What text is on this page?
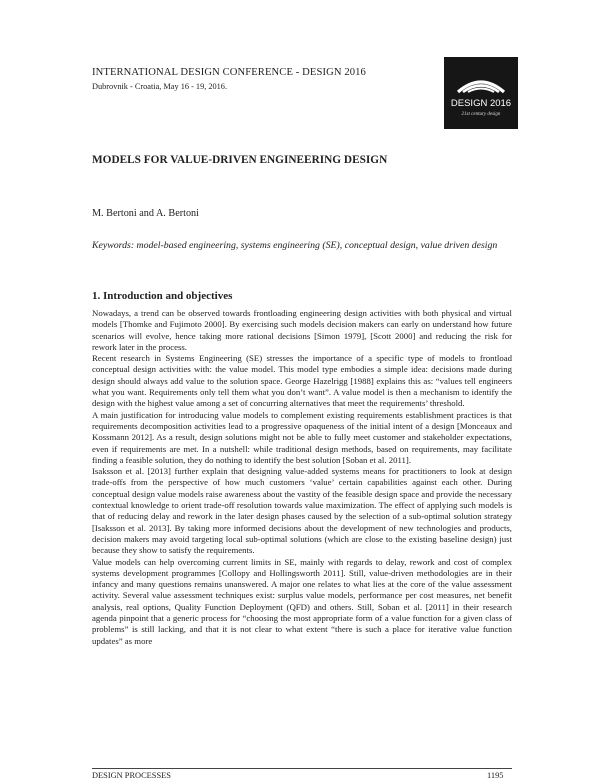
INTERNATIONAL DESIGN CONFERENCE - DESIGN 2016
Dubrovnik - Croatia, May 16 - 19, 2016.
DESIGN 2016
21st century design
MODELS FOR VALUE-DRIVEN ENGINEERING DESIGN
M. Bertoni and A. Bertoni
Keywords: model-based engineering, systems engineering (SE), conceptual design, value driven design
1. Introduction and objectives

Nowadays, a trend can be observed towards frontloading engineering design activities with both physical and virtual models [Thomke and Fujimoto 2000]. By exercising such models decision makers can early on understand how future scenarios will evolve, hence taking more rational decisions [Simon 1979], [Scott 2000] and reducing the risk for rework later in the process.

Recent research in Systems Engineering (SE) stresses the importance of a specific type of models to frontload conceptual design activities with: the value model. This model type embodies a simple idea: decisions made during design should always add value to the solution space. George Hazelrigg [1988] explains this as: “values tell engineers what you want. Requirements only tell them what you don’t want”. A value model is then a mechanism to identify the design with the highest value among a set of concurring alternatives that meet the requirements’ threshold.

A main justification for introducing value models to complement existing requirements establishment practices is that requirements decomposition activities lead to a progressive opaqueness of the initial intent of a design [Monceaux and Kossmann 2012]. As a result, design solutions might not be able to fully meet customer and stakeholder expectations, even if requirements are met. In a nutshell: while traditional design methods, based on requirements, may facilitate finding a feasible solution, they do nothing to identify the best solution [Soban et al. 2011].

Isaksson et al. [2013] further explain that designing value-added systems means for practitioners to look at design trade-offs from the perspective of how much customers ‘value’ certain capabilities against each other. During conceptual design value models raise awareness about the vastity of the feasible design space and provide the necessary contextual knowledge to orient trade-off resolution towards value maximization. The effect of applying such models is that of reducing delay and rework in the later design phases caused by the selection of a sub-optimal solution strategy [Isaksson et al. 2013]. By taking more informed decisions about the development of new technologies and products, decision makers may avoid targeting local sub-optimal solutions (which are close to the existing baseline design) just because they show to satisfy the requirements.

Value models can help overcoming current limits in SE, mainly with regards to delay, rework and cost of complex systems development programmes [Collopy and Hollingsworth 2011]. Still, value-driven methodologies are in their infancy and many questions remains unanswered. A major one relates to what lies at the core of the value assessment activity. Several value assessment techniques exist: surplus value models, performance per cost measures, net benefit analysis, real options, Quality Function Deployment (QFD) and others. Still, Soban et al. [2011] in their research agenda pinpoint that a generic process for “choosing the most appropriate form of a value function for a given class of problems” is still lacking, and that it is not clear to what extent “there is such a place for iterative value function updates” as more

DESIGN PROCESSES	1195
